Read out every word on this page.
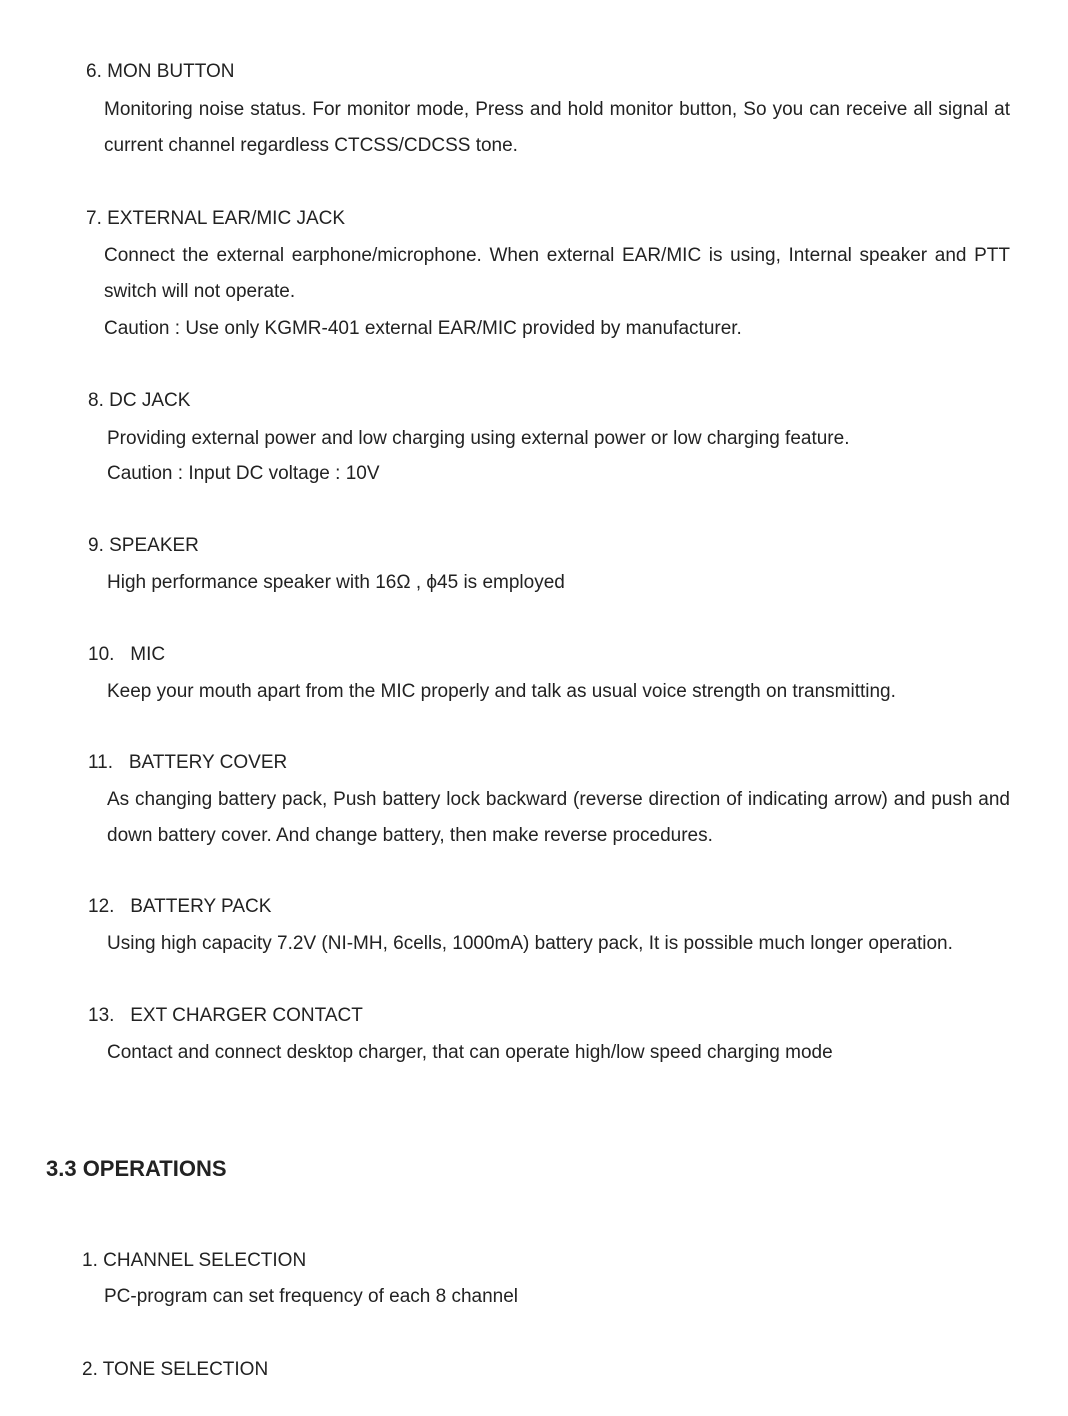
6. MON BUTTON
Monitoring noise status. For monitor mode, Press and hold monitor button, So you can receive all signal at current channel regardless CTCSS/CDCSS tone.
7. EXTERNAL EAR/MIC JACK
Connect the external earphone/microphone. When external EAR/MIC is using, Internal speaker and PTT switch will not operate.
Caution : Use only KGMR-401 external EAR/MIC provided by manufacturer.
8. DC JACK
Providing external power and low charging using external power or low charging feature.
Caution : Input DC voltage : 10V
9. SPEAKER
High performance speaker with 16Ω , ϕ45 is employed
10.   MIC
Keep your mouth apart from the MIC properly and talk as usual voice strength on transmitting.
11.   BATTERY COVER
As changing battery pack, Push battery lock backward (reverse direction of indicating arrow) and push and down battery cover. And change battery, then make reverse procedures.
12.   BATTERY PACK
Using high capacity 7.2V (NI-MH, 6cells, 1000mA) battery pack, It is possible much longer operation.
13.   EXT CHARGER CONTACT
Contact and connect desktop charger, that can operate high/low speed charging mode
3.3 OPERATIONS
1. CHANNEL SELECTION
PC-program can set frequency of each 8 channel
2. TONE SELECTION
